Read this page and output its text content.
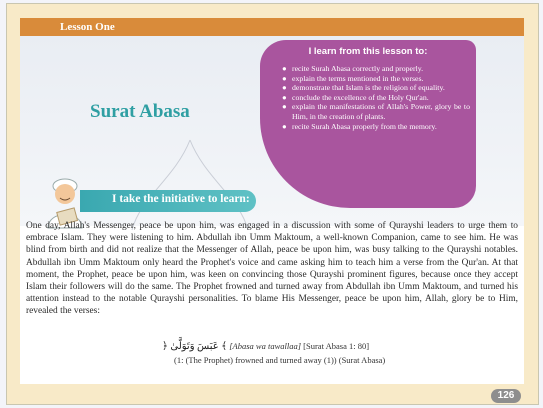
Lesson One
Surat Abasa
I learn from this lesson to:
● recite Surah Abasa correctly and properly.
● explain the terms mentioned in the verses.
● demonstrate that Islam is the religion of equality.
● conclude the excellence of the Holy Qur'an.
● explain the manifestations of Allah's Power, glory be to Him, in the creation of plants.
● recite Surah Abasa properly from the memory.
I take the initiative to learn:

One day, Allah's Messenger, peace be upon him, was engaged in a discussion with some of Qurayshi leaders to urge them to embrace Islam. They were listening to him. Abdullah ibn Umm Maktoum, a well-known Companion, came to see him. He was blind from birth and did not realize that the Messenger of Allah, peace be upon him, was busy talking to the Qurayshi notables. Abdullah ibn Umm Maktoum only heard the Prophet's voice and came asking him to teach him a verse from the Qur'an. At that moment, the Prophet, peace be upon him, was keen on convincing those Qurayshi prominent figures, because once they accept Islam their followers will do the same. The Prophet frowned and turned away from Abdullah ibn Umm Maktoum, and turned his attention instead to the notable Qurayshi personalities. To blame His Messenger, peace be upon him, Allah, glory be to Him, revealed the verses:

﴿ عَبَسَ وَتَوَلَّىٰ ﴾ [Abasa wa tawallaa] [Surat Abasa 1: 80]
(1: (The Prophet) frowned and turned away (1)) (Surat Abasa)
126
